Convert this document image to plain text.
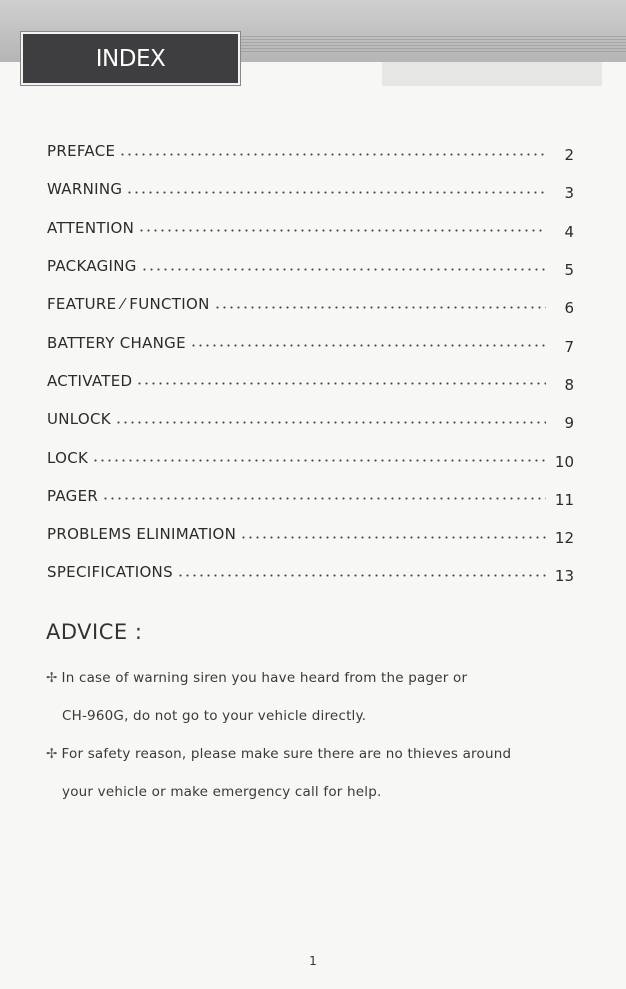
INDEX
PREFACE	2
WARNING	3
ATTENTION	4
PACKAGING	5
FEATURE ⁄ FUNCTION	6
BATTERY CHANGE	7
ACTIVATED	8
UNLOCK	9
LOCK	10
PAGER	11
PROBLEMS ELINIMATION	12
SPECIFICATIONS	13
ADVICE :
✢ In case of warning siren you have heard from the pager or
CH-960G, do not go to your vehicle directly.
✢ For safety reason, please make sure there are no thieves around
your vehicle or make emergency call for help.
1
